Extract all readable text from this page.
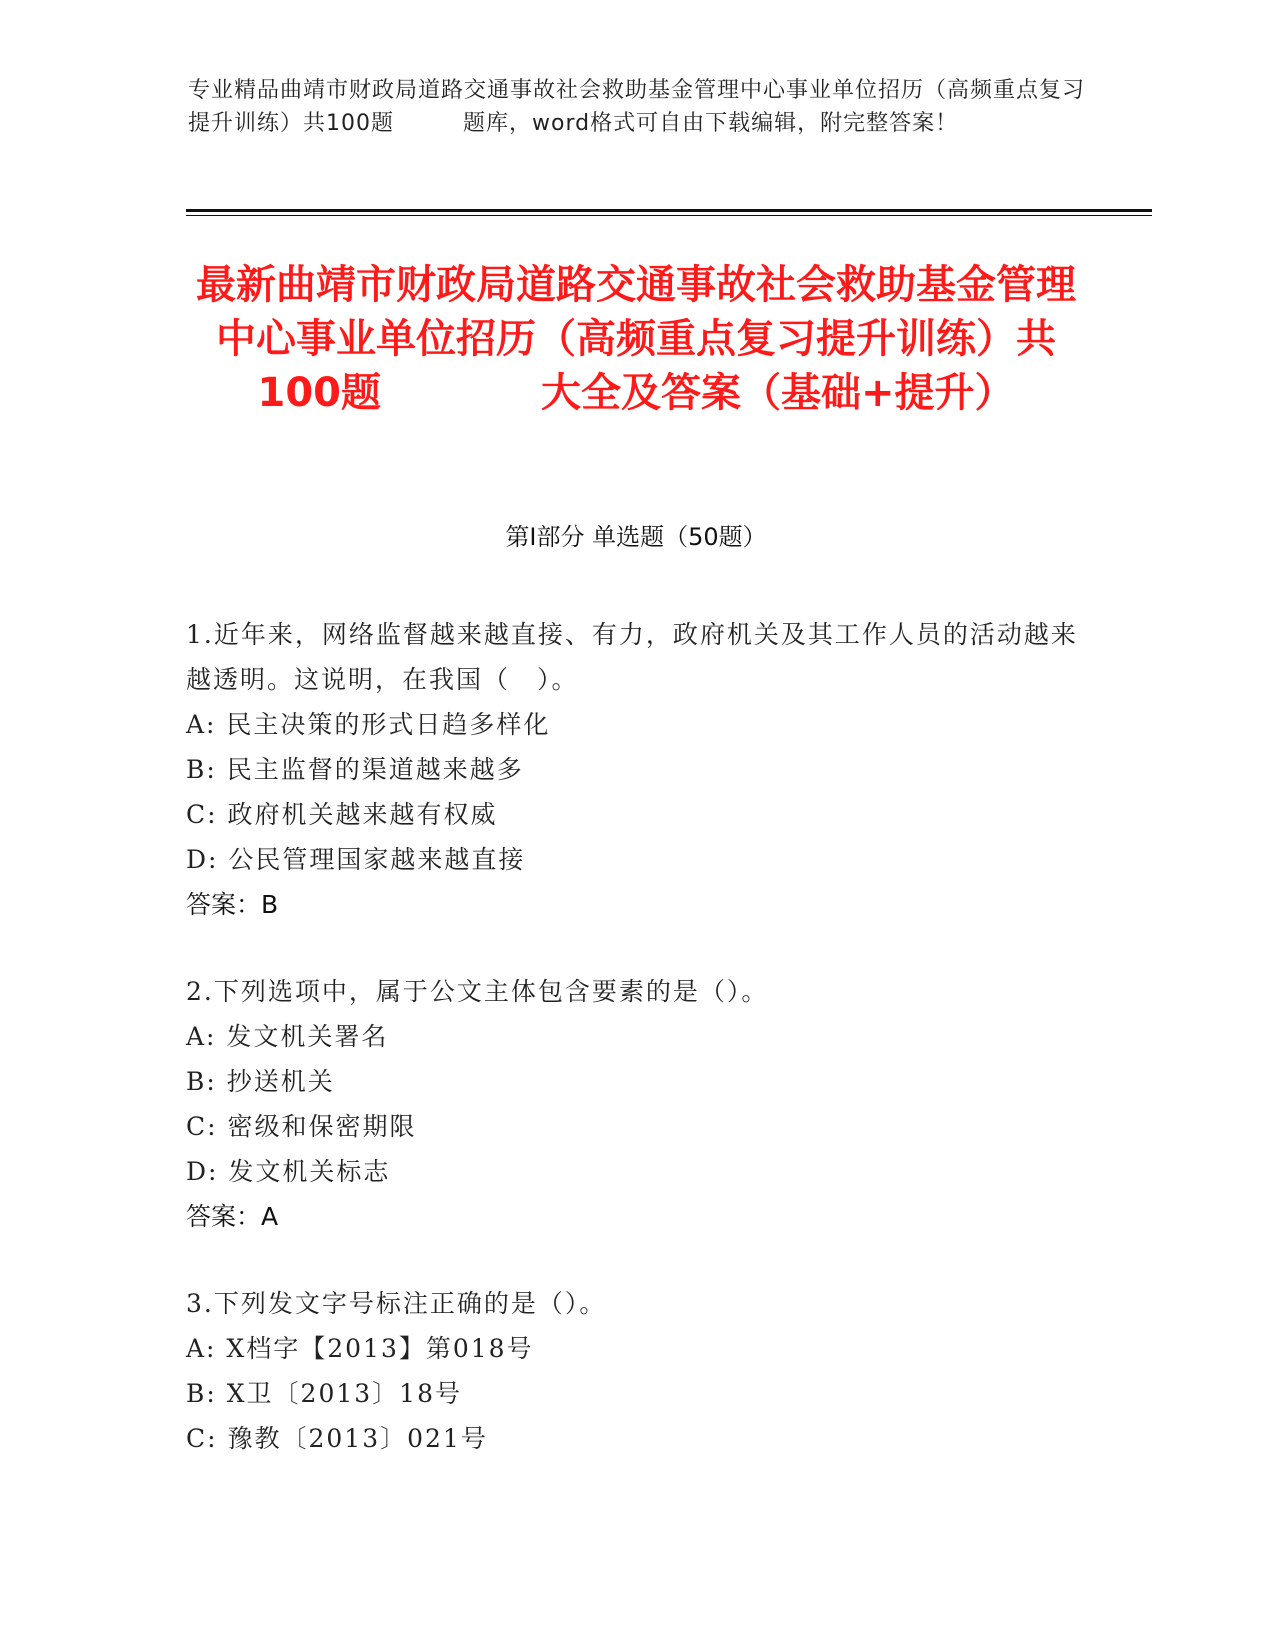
专业精品曲靖市财政局道路交通事故社会救助基金管理中心事业单位招历（高频重点复习提升训练）共100题　　　题库，word格式可自由下载编辑，附完整答案！
最新曲靖市财政局道路交通事故社会救助基金管理中心事业单位招历（高频重点复习提升训练）共100题　　　　大全及答案（基础+提升）
第Ⅰ部分 单选题（50题）
1.近年来，网络监督越来越直接、有力，政府机关及其工作人员的活动越来越透明。这说明，在我国（　）。
A: 民主决策的形式日趋多样化
B: 民主监督的渠道越来越多
C: 政府机关越来越有权威
D: 公民管理国家越来越直接
答案：B
2.下列选项中，属于公文主体包含要素的是（）。
A: 发文机关署名
B: 抄送机关
C: 密级和保密期限
D: 发文机关标志
答案：A
3.下列发文字号标注正确的是（）。
A: X档字【2013】第018号
B: X卫〔2013〕18号
C: 豫教〔2013〕021号
